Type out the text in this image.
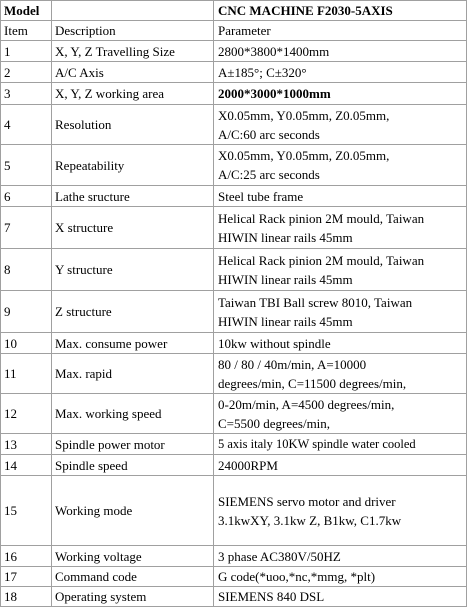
Model		CNC MACHINE F2030-5AXIS
Item	Description	Parameter
1	X, Y, Z Travelling Size	2800*3800*1400mm
2	A/C Axis	A±185°; C±320°
3	X, Y, Z working area	2000*3000*1000mm
4	Resolution	X0.05mm, Y0.05mm, Z0.05mm,
A/C:60 arc seconds
5	Repeatability	X0.05mm, Y0.05mm, Z0.05mm,
A/C:25 arc seconds
6	Lathe sructure	Steel tube frame
7	X structure	Helical Rack pinion 2M mould, Taiwan
HIWIN linear rails 45mm
8	Y structure	Helical Rack pinion 2M mould, Taiwan
HIWIN linear rails 45mm
9	Z structure	Taiwan TBI Ball screw 8010, Taiwan
HIWIN linear rails 45mm
10	Max. consume power	10kw without spindle
11	Max. rapid	80 / 80 / 40m/min, A=10000
degrees/min, C=11500 degrees/min,
12	Max. working speed	0-20m/min, A=4500 degrees/min,
C=5500 degrees/min,
13	Spindle power motor	5 axis italy 10KW spindle water cooled
14	Spindle speed	24000RPM
15	Working mode	SIEMENS servo motor and driver
3.1kwXY, 3.1kw Z, B1kw, C1.7kw
16	Working voltage	3 phase AC380V/50HZ
17	Command code	G code(*uoo,*nc,*mmg, *plt)
18	Operating system	SIEMENS 840 DSL
